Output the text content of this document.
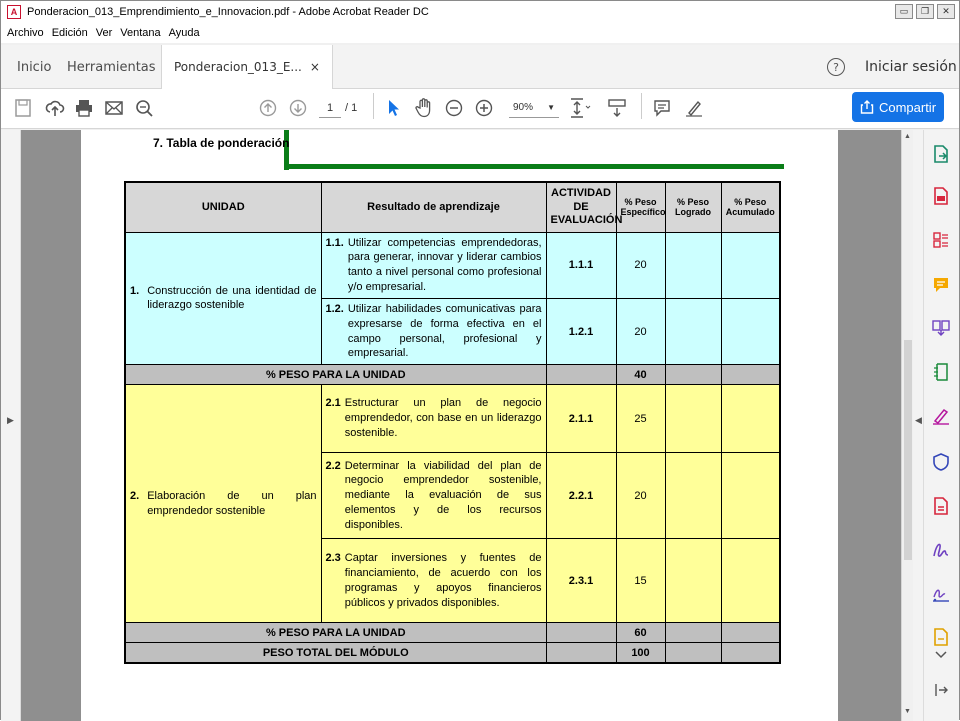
A Ponderacion_013_Emprendimiento_e_Innovacion.pdf - Adobe Acrobat Reader DC	▭	❐	✕
Archivo Edición Ver Ventana Ayuda
Inicio Herramientas Ponderacion_013_E... ×	?	Iniciar sesión
1	/ 1	90% ▼	Compartir
▶
7. Tabla de ponderación
UNIDAD	Resultado de aprendizaje	ACTIVIDAD DE EVALUACIÓN	% Peso Específico	% Peso Logrado	% Peso Acumulado

1. Construcción de una identidad de liderazgo sostenible	1.1. Utilizar competencias emprendedoras, para generar, innovar y liderar cambios tanto a nivel personal como profesional y/o empresarial.	1.1.1	20		

	1.2. Utilizar habilidades comunicativas para expresarse de forma efectiva en el campo personal, profesional y empresarial.	1.2.1	20		
% PESO PARA LA UNIDAD			40		

2. Elaboración de un plan emprendedor sostenible	2.1 Estructurar un plan de negocio emprendedor, con base en un liderazgo sostenible.	2.1.1	25		

	2.2 Determinar la viabilidad del plan de negocio emprendedor sostenible, mediante la evaluación de sus elementos y de los recursos disponibles.	2.2.1	20		

	2.3 Captar inversiones y fuentes de financiamiento, de acuerdo con los programas y apoyos financieros públicos y privados disponibles.	2.3.1	15		
% PESO PARA LA UNIDAD			60		
PESO TOTAL DEL MÓDULO			100		
▲
▼
◀
